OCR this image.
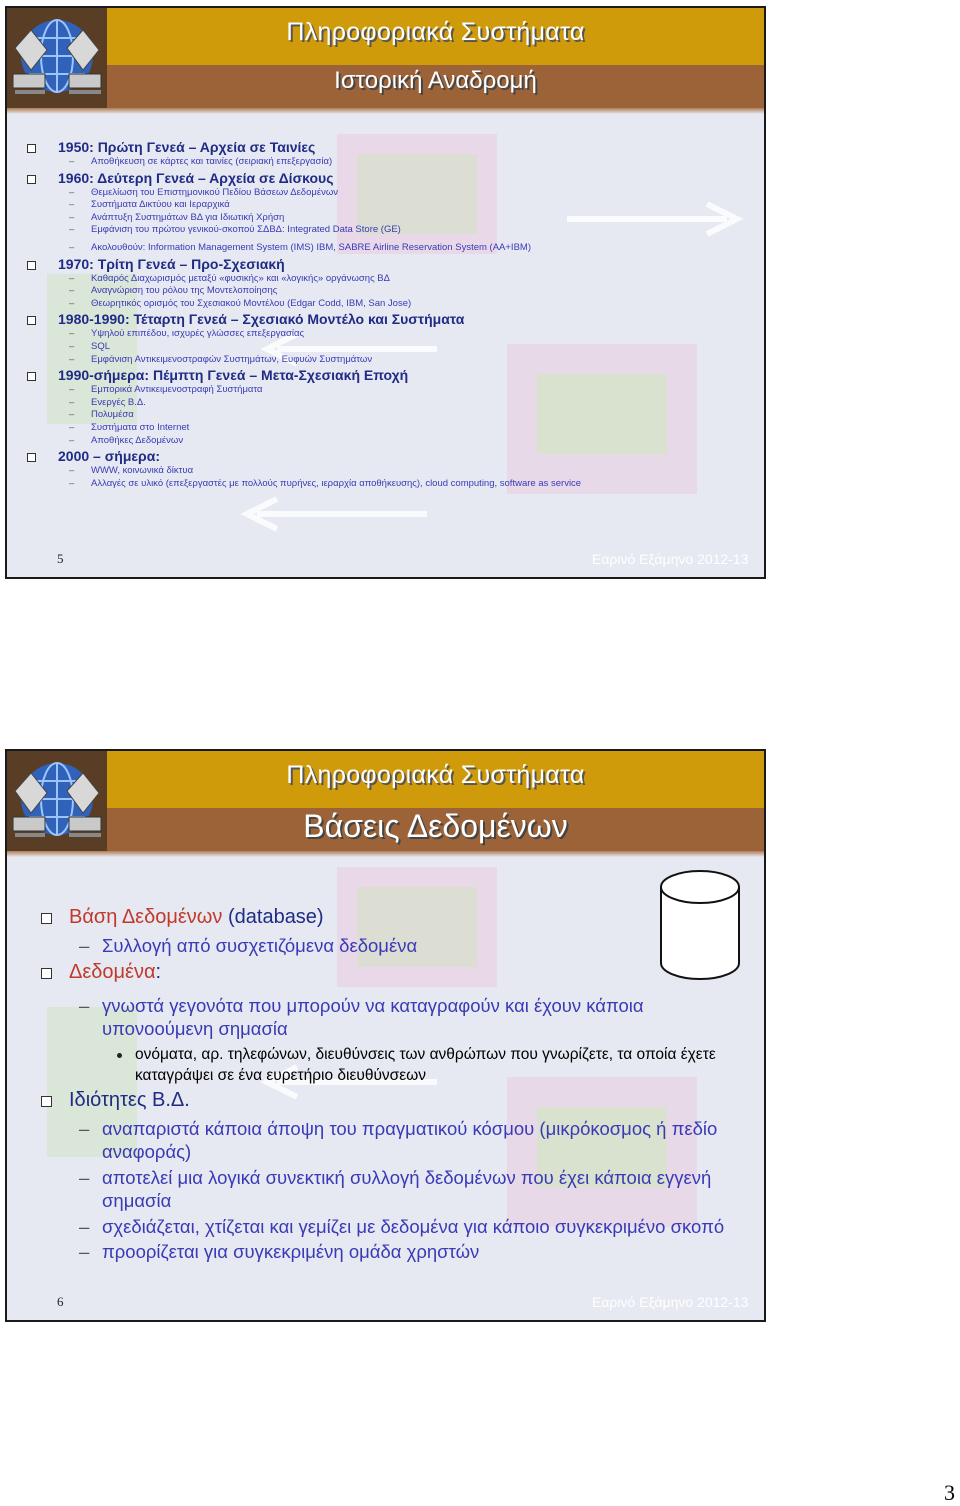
Πληροφοριακά Συστήματα
Ιστορική Αναδρομή
1950: Πρώτη Γενεά – Αρχεία σε Ταινίες
– Αποθήκευση σε κάρτες και ταινίες (σειριακή επεξεργασία)
1960: Δεύτερη Γενεά – Αρχεία σε Δίσκους
– Θεμελίωση του Επιστημονικού Πεδίου Βάσεων Δεδομένων
– Συστήματα Δικτύου και Ιεραρχικά
– Ανάπτυξη Συστημάτων ΒΔ για Ιδιωτική Χρήση
– Εμφάνιση του πρώτου γενικού-σκοπού ΣΔΒΔ: Integrated Data Store (GE)
– Ακολουθούν: Information Management System (IMS) IBM, SABRE Airline Reservation System (AA+IBM)
1970: Τρίτη Γενεά – Προ-Σχεσιακή
– Καθαρός Διαχωρισμός μεταξύ «φυσικής» και «λογικής» οργάνωσης ΒΔ
– Αναγνώριση του ρόλου της Μοντελοποίησης
– Θεωρητικός ορισμός του Σχεσιακού Μοντέλου (Edgar Codd, IBM, San Jose)
1980-1990: Τέταρτη Γενεά – Σχεσιακό Μοντέλο και Συστήματα
– Υψηλού επιπέδου, ισχυρές γλώσσες επεξεργασίας
– SQL
– Εμφάνιση Αντικειμενοστραφών Συστημάτων, Ευφυών Συστημάτων
1990-σήμερα: Πέμπτη Γενεά – Μετα-Σχεσιακή Εποχή
– Εμπορικά Αντικειμενοστραφή Συστήματα
– Ενεργές Β.Δ.
– Πολυμέσα
– Συστήματα στο Internet
– Αποθήκες Δεδομένων
2000 – σήμερα:
– WWW, κοινωνικά δίκτυα
– Αλλαγές σε υλικό (επεξεργαστές με πολλούς πυρήνες, ιεραρχία αποθήκευσης), cloud computing, software as service
5	Εαρινό Εξάμηνο 2012-13
Πληροφοριακά Συστήματα
Βάσεις Δεδομένων
Βάση Δεδομένων (database)
– Συλλογή από συσχετιζόμενα δεδομένα
Δεδομένα:
– γνωστά γεγονότα που μπορούν να καταγραφούν και έχουν κάποια υπονοούμενη σημασία
ονόματα, αρ. τηλεφώνων, διευθύνσεις των ανθρώπων που γνωρίζετε, τα οποία έχετε καταγράψει σε ένα ευρετήριο διευθύνσεων
Ιδιότητες Β.Δ.
– αναπαριστά κάποια άποψη του πραγματικού κόσμου (μικρόκοσμος ή πεδίο αναφοράς)
– αποτελεί μια λογικά συνεκτική συλλογή δεδομένων που έχει κάποια εγγενή σημασία
– σχεδιάζεται, χτίζεται και γεμίζει με δεδομένα για κάποιο συγκεκριμένο σκοπό
– προορίζεται για συγκεκριμένη ομάδα χρηστών
6	Εαρινό Εξάμηνο 2012-13
3
